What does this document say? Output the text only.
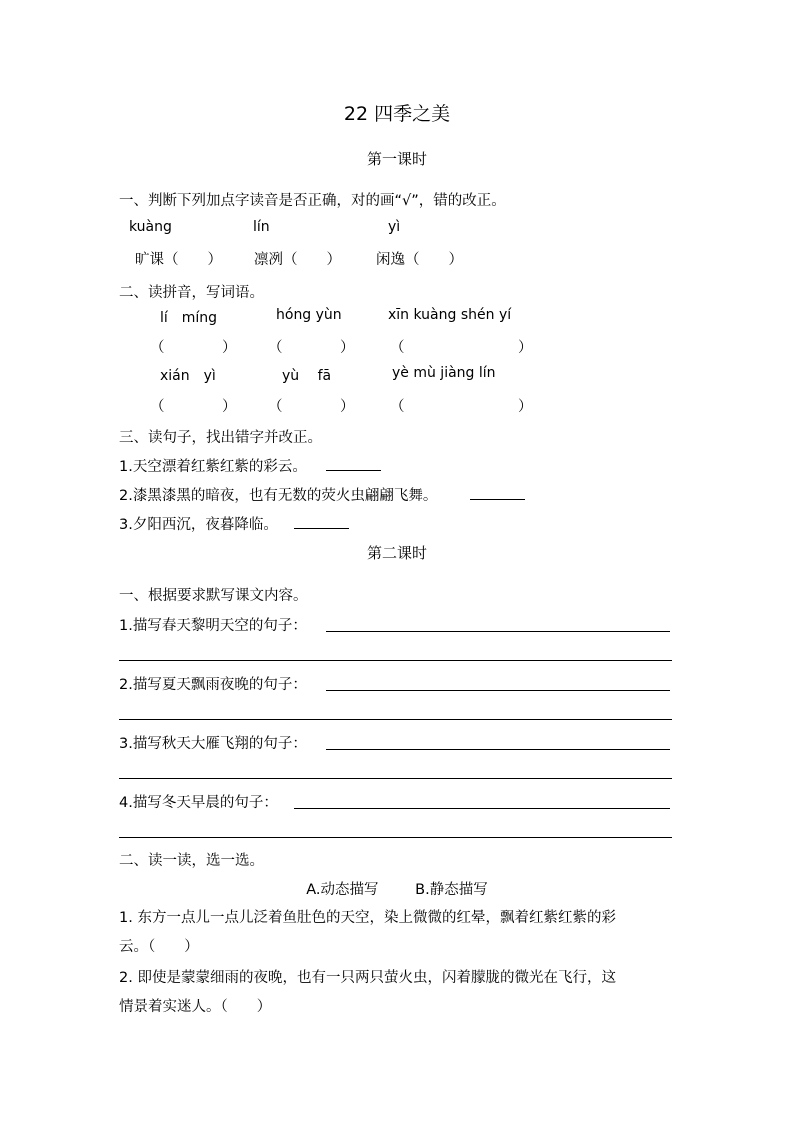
22 四季之美
第一课时
一、判断下列加点字读音是否正确，对的画“√”，错的改正。
kuàng	lín	yì
旷课（　　） 凛冽（　　） 闲逸（　　）
二、读拼音，写词语。
lí　míng	hóng yùn	xīn kuàng shén yí
（	） （	） （	）
xián　yì	yù　 fā	yè mù jiàng lín
（	） （	） （	）
三、读句子，找出错字并改正。
1.天空漂着红紫红紫的彩云。
2.漆黑漆黑的暗夜，也有无数的荧火虫翩翩飞舞。
3.夕阳西沉，夜暮降临。
第二课时
一、根据要求默写课文内容。
1.描写春天黎明天空的句子：
2.描写夏天飘雨夜晚的句子：
3.描写秋天大雁飞翔的句子：
4.描写冬天早晨的句子：
二、读一读，选一选。
A.动态描写	B.静态描写
1. 东方一点儿一点儿泛着鱼肚色的天空，染上微微的红晕，飘着红紫红紫的彩
云。（　　）
2. 即使是蒙蒙细雨的夜晚，也有一只两只萤火虫，闪着朦胧的微光在飞行，这
情景着实迷人。（　　）
